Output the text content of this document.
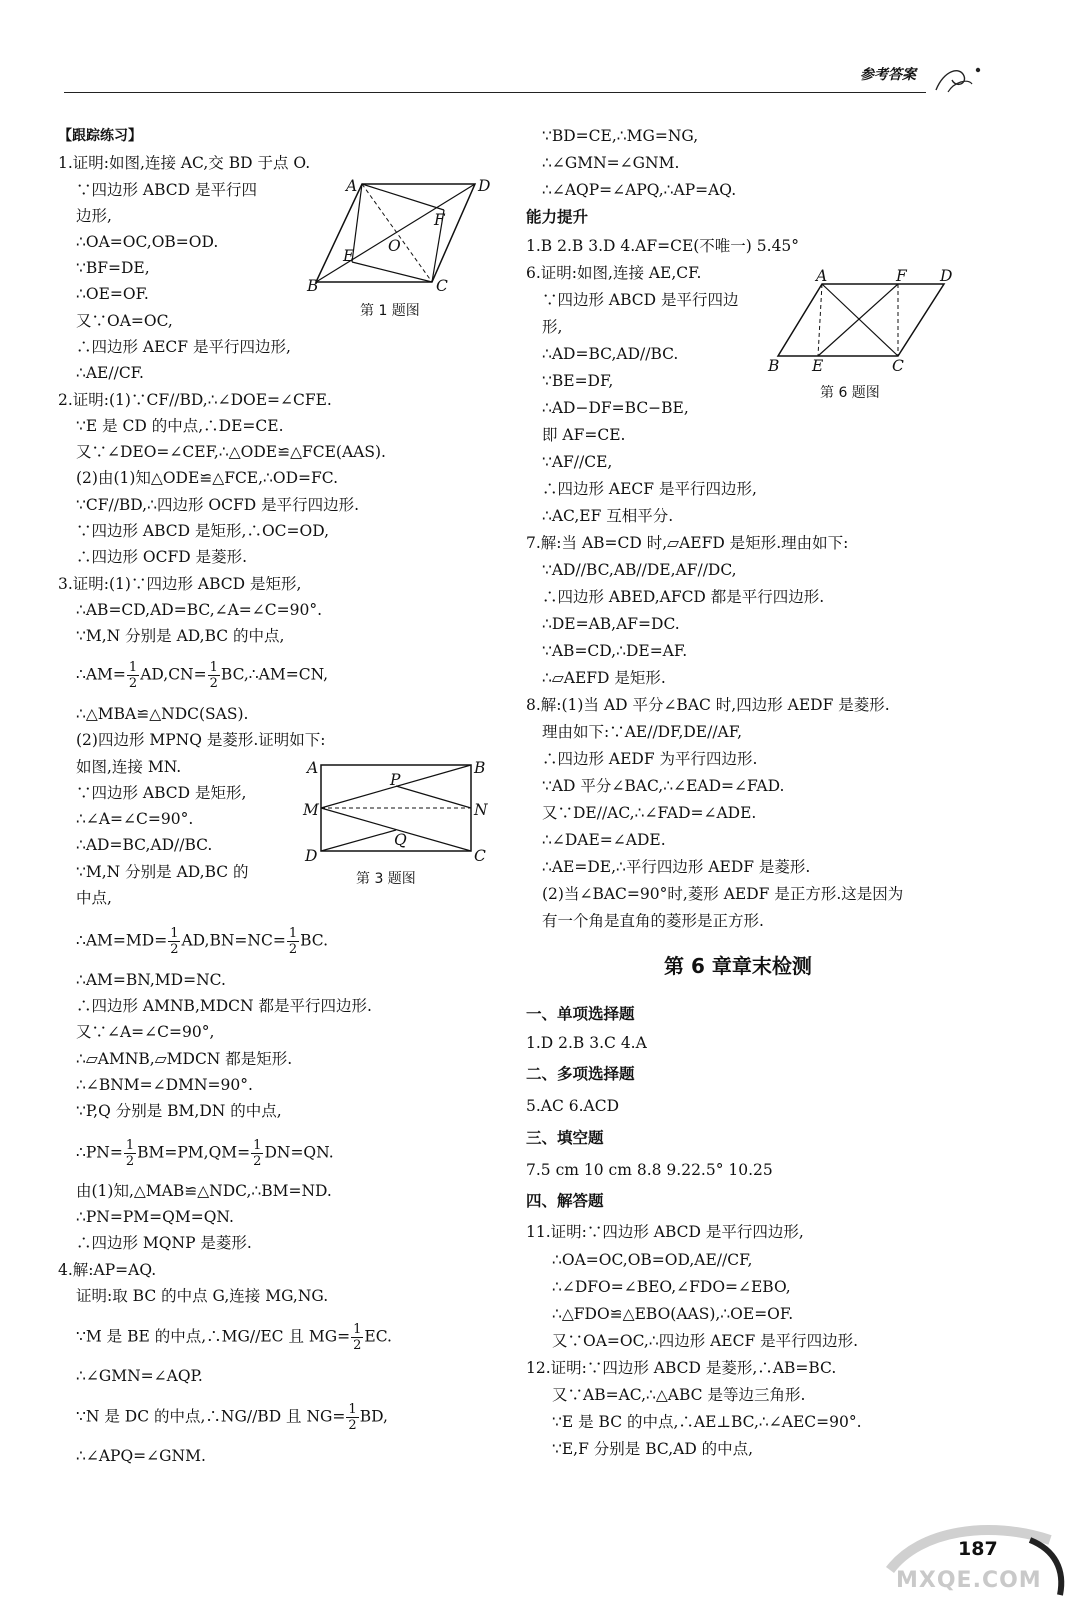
参考答案
【跟踪练习】
1.证明:如图,连接 AC,交 BD 于点 O.
∵四边形 ABCD 是平行四
边形,
∴OA=OC,OB=OD.
∵BF=DE,
∴OE=OF.
又∵OA=OC,
∴四边形 AECF 是平行四边形,
∴AE//CF.
2.证明:(1)∵CF//BD,∴∠DOE=∠CFE.
∵E 是 CD 的中点,∴DE=CE.
又∵∠DEO=∠CEF,∴△ODE≌△FCE(AAS).
(2)由(1)知△ODE≌△FCE,∴OD=FC.
∵CF//BD,∴四边形 OCFD 是平行四边形.
∵四边形 ABCD 是矩形,∴OC=OD,
∴四边形 OCFD 是菱形.
3.证明:(1)∵四边形 ABCD 是矩形,
∴AB=CD,AD=BC,∠A=∠C=90°.
∵M,N 分别是 AD,BC 的中点,
∴AM= $\frac{1}{2} AD,CN= \frac{1}{2}$ BC,∴AM=CN,
∴△MBA≌△NDC(SAS).
(2)四边形 MPNQ 是菱形.证明如下:
如图,连接 MN.
∵四边形 ABCD 是矩形,
∴∠A=∠C=90°.
∴AD=BC,AD//BC.
∵M,N 分别是 AD,BC 的
中点,
∴AM=MD= $\frac{1}{2} AD,BN=NC= \frac{1}{2}$ BC.
∴AM=BN,MD=NC.
∴四边形 AMNB,MDCN 都是平行四边形.
又∵∠A=∠C=90°,
∴▱AMNB,▱MDCN 都是矩形.
∴∠BNM=∠DMN=90°.
∵P,Q 分别是 BM,DN 的中点,
∴PN= $\frac{1}{2} BM=PM,QM= \frac{1}{2} DN=QN$.
由(1)知,△MAB≌△NDC,∴BM=ND.
∴PN=PM=QM=QN.
∴四边形 MQNP 是菱形.
4.解:AP=AQ.
证明:取 BC 的中点 G,连接 MG,NG.
∵M 是 BE 的中点,∴MG//EC 且 $MG= \frac{1}{2}$ EC.
∴∠GMN=∠AQP.
∵N 是 DC 的中点,∴NG//BD 且 $NG= \frac{1}{2}$ BD,
∴∠APQ=∠GNM.
A	D
F
O
E
B	C
第 1 题图
A	B
P
M	N
Q
D	C
第 3 题图
∵BD=CE,∴MG=NG,
∴∠GMN=∠GNM.
∴∠AQP=∠APQ,∴AP=AQ.
能力提升
1.B 2.B 3.D 4.AF=CE(不唯一) 5.45°
6.证明:如图,连接 AE,CF.
∵四边形 ABCD 是平行四边
形,
∴AD=BC,AD//BC.
∵BE=DF,
∴AD−DF=BC−BE,
即 AF=CE.
∵AF//CE,
∴四边形 AECF 是平行四边形,
∴AC,EF 互相平分.
7.解:当 AB=CD 时,▱AEFD 是矩形.理由如下:
∵AD//BC,AB//DE,AF//DC,
∴四边形 ABED,AFCD 都是平行四边形.
∴DE=AB,AF=DC.
∵AB=CD,∴DE=AF.
∴▱AEFD 是矩形.
8.解:(1)当 AD 平分∠BAC 时,四边形 AEDF 是菱形.
理由如下:∵AE//DF,DE//AF,
∴四边形 AEDF 为平行四边形.
∵AD 平分∠BAC,∴∠EAD=∠FAD.
又∵DE//AC,∴∠FAD=∠ADE.
∴∠DAE=∠ADE.
∴AE=DE,∴平行四边形 AEDF 是菱形.
(2)当∠BAC=90°时,菱形 AEDF 是正方形.这是因为
有一个角是直角的菱形是正方形.
第 6 章章末检测
一、单项选择题
1.D 2.B 3.C 4.A
二、多项选择题
5.AC 6.ACD
三、填空题
7.5 cm 10 cm 8.8 9.22.5° 10.25
四、解答题
11.证明:∵四边形 ABCD 是平行四边形,
∴OA=OC,OB=OD,AE//CF,
∴∠DFO=∠BEO,∠FDO=∠EBO,
∴△FDO≌△EBO(AAS),∴OE=OF.
又∵OA=OC,∴四边形 AECF 是平行四边形.
12.证明:∵四边形 ABCD 是菱形,∴AB=BC.
又∵AB=AC,∴△ABC 是等边三角形.
∵E 是 BC 的中点,∴AE⊥BC,∴∠AEC=90°.
∵E,F 分别是 BC,AD 的中点,
A	F D
B E	C
第 6 题图
MXQE.COM
187
